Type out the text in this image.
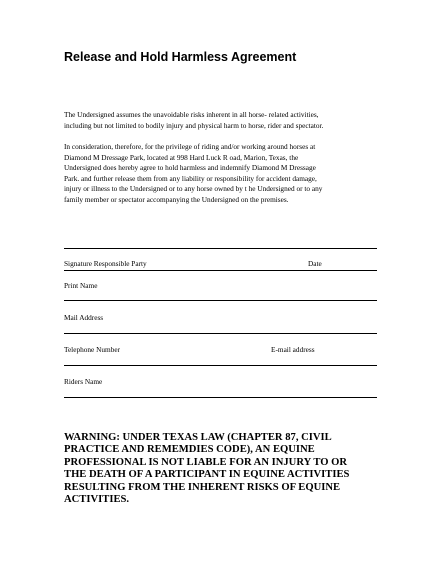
Release and Hold Harmless Agreement
The Undersigned assumes the unavoidable risks inherent in all horse- related activities,
including but not limited to bodily injury and physical harm to horse, rider and spectator.
In consideration, therefore, for the privilege of riding and/or working around horses at
Diamond M Dressage Park, located at 998 Hard Luck R oad, Marion, Texas, the
Undersigned does hereby agree to hold harmless and indemnify Diamond M Dressage
Park. and further release them from any liability or responsibility for accident damage,
injury or illness to the Undersigned or to any horse owned by t he Undersigned or to any
family member or spectator accompanying the Undersigned on the premises.
Signature Responsible Party	Date
Print Name
Mail Address
Telephone Number	E-mail address
Riders Name
WARNING: UNDER TEXAS LAW (CHAPTER 87, CIVIL
PRACTICE AND REMEMDIES CODE), AN EQUINE
PROFESSIONAL IS NOT LIABLE FOR AN INJURY TO OR
THE DEATH OF A PARTICIPANT IN EQUINE ACTIVITIES
RESULTING FROM THE INHERENT RISKS OF EQUINE
ACTIVITIES.
